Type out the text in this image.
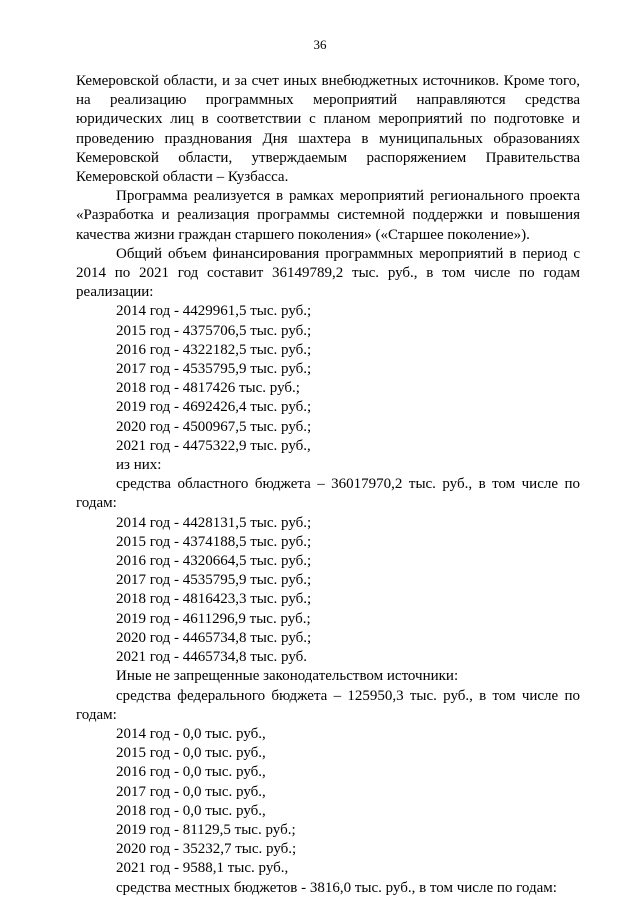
36

Кемеровской области, и за счет иных внебюджетных источников. Кроме того, на реализацию программных мероприятий направляются средства юридических лиц в соответствии с планом мероприятий по подготовке и проведению празднования Дня шахтера в муниципальных образованиях Кемеровской области, утверждаемым распоряжением Правительства Кемеровской области – Кузбасса.

Программа реализуется в рамках мероприятий регионального проекта «Разработка и реализация программы системной поддержки и повышения качества жизни граждан старшего поколения» («Старшее поколение»).

Общий объем финансирования программных мероприятий в период с 2014 по 2021 год составит 36149789,2 тыс. руб., в том числе по годам реализации:

2014 год - 4429961,5 тыс. руб.;
2015 год - 4375706,5 тыс. руб.;
2016 год - 4322182,5 тыс. руб.;
2017 год - 4535795,9 тыс. руб.;
2018 год - 4817426 тыс. руб.;
2019 год - 4692426,4 тыс. руб.;
2020 год - 4500967,5 тыс. руб.;
2021 год - 4475322,9 тыс. руб.,
из них:

средства областного бюджета – 36017970,2 тыс. руб., в том числе по годам:

2014 год - 4428131,5 тыс. руб.;
2015 год - 4374188,5 тыс. руб.;
2016 год - 4320664,5 тыс. руб.;
2017 год - 4535795,9 тыс. руб.;
2018 год - 4816423,3 тыс. руб.;
2019 год - 4611296,9 тыс. руб.;
2020 год - 4465734,8 тыс. руб.;
2021 год - 4465734,8 тыс. руб.
Иные не запрещенные законодательством источники:

средства федерального бюджета – 125950,3 тыс. руб., в том числе по годам:

2014 год - 0,0 тыс. руб.,
2015 год - 0,0 тыс. руб.,
2016 год - 0,0 тыс. руб.,
2017 год - 0,0 тыс. руб.,
2018 год - 0,0 тыс. руб.,
2019 год - 81129,5 тыс. руб.;
2020 год - 35232,7 тыс. руб.;
2021 год - 9588,1 тыс. руб.,

средства местных бюджетов - 3816,0 тыс. руб., в том числе по годам:
